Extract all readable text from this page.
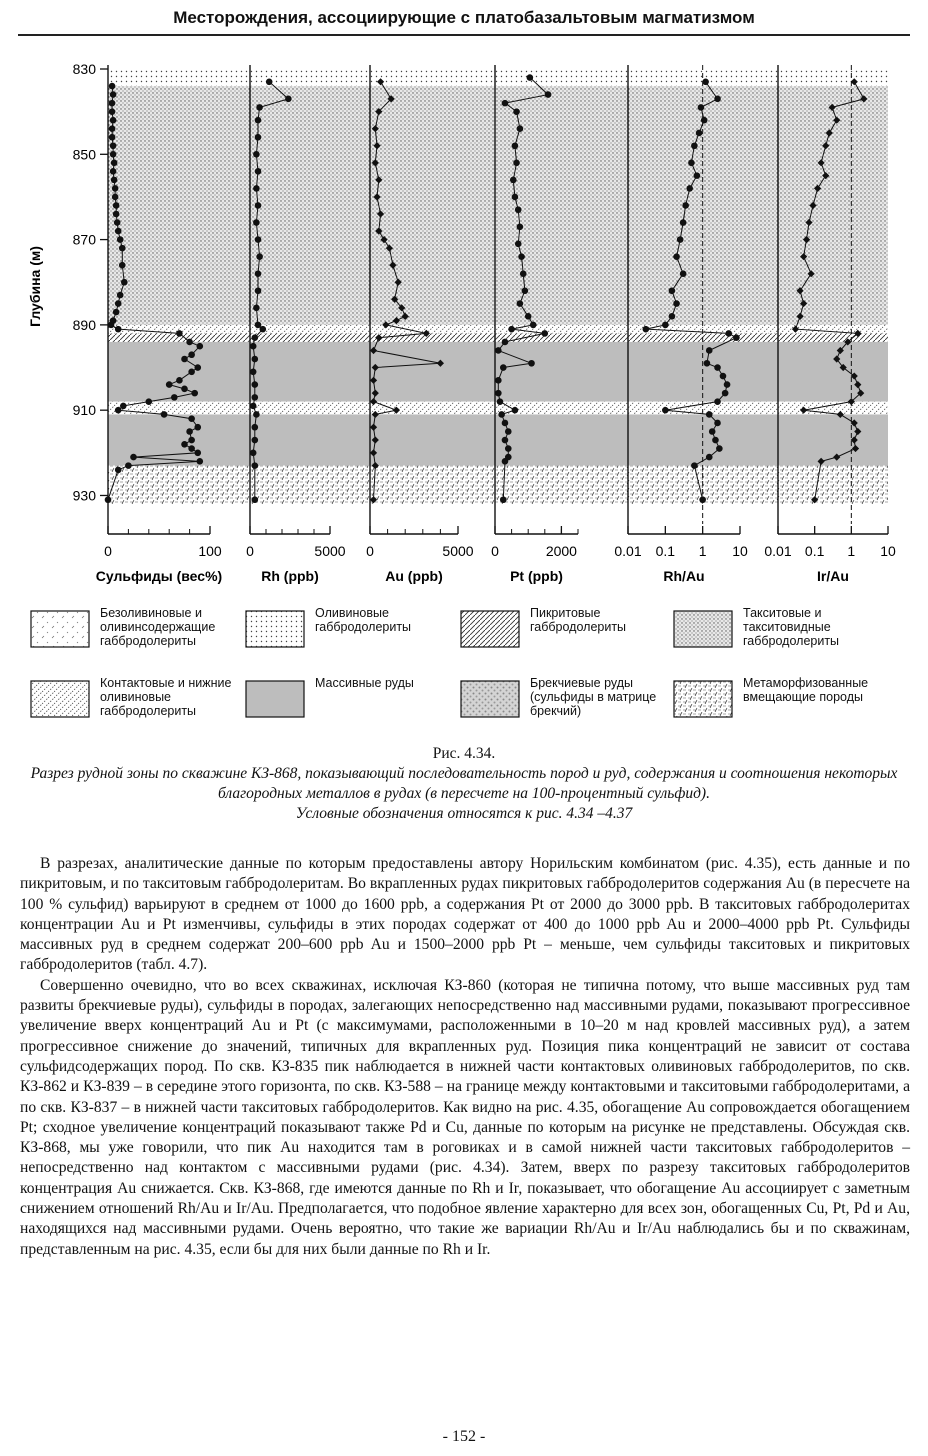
Месторождения, ассоциирующие с платобазальтовым магматизмом
0	100
Сульфиды (вес%)
0	5000
Rh (ppb)
0	5000
Au (ppb)
0	2000
Pt (ppb)
0.01 0.1 1 10
Rh/Au
0.01 0.1 1 10
Ir/Au
830
850
870
890
910
930
Глубина (м)
Безоливиновые и оливинсодержащие габбродолериты
Оливиновые габбродолериты
Пикритовые габбродолериты
Такситовые и такситовидные габбродолериты
Контактовые и нижние оливиновые габбродолериты
Массивные руды	Брекчиевые руды (сульфиды в матрице брекчий)
Метаморфизованные вмещающие породы
Рис. 4.34.
Разрез рудной зоны по скважине КЗ-868, показывающий последовательность пород и руд, содержания и соотношения некоторых благородных металлов в рудах (в пересчете на 100-процентный сульфид).
Условные обозначения относятся к рис. 4.34 –4.37

В разрезах, аналитические данные по которым предоставлены автору Норильским комбинатом (рис. 4.35), есть данные и по пикритовым, и по такситовым габбродолеритам. Во вкрапленных рудах пикритовых габбродолеритов содержания Au (в пересчете на 100 % сульфид) варьируют в среднем от 1000 до 1600 ppb, а содержания Pt от 2000 до 3000 ppb. В такситовых габбродолеритах концентрации Au и Pt изменчивы, сульфиды в этих породах содержат от 400 до 1000 ppb Au и 2000–4000 ppb Pt. Сульфиды массивных руд в среднем содержат 200–600 ppb Au и 1500–2000 ppb Pt – меньше, чем сульфиды такситовых и пикритовых габбродолеритов (табл. 4.7).

Совершенно очевидно, что во всех скважинах, исключая КЗ-860 (которая не типична потому, что выше массивных руд там развиты брекчиевые руды), сульфиды в породах, залегающих непосредственно над массивными рудами, показывают прогрессивное увеличение вверх концентраций Au и Pt (с максимумами, расположенными в 10–20 м над кровлей массивных руд), а затем прогрессивное снижение до значений, типичных для вкрапленных руд. Позиция пика концентраций не зависит от состава сульфидсодержащих пород. По скв. КЗ-835 пик наблюдается в нижней части контактовых оливиновых габбродолеритов, по скв. КЗ-862 и КЗ-839 – в середине этого горизонта, по скв. КЗ-588 – на границе между контактовыми и такситовыми габбродолеритами, а по скв. КЗ-837 – в нижней части такситовых габбродолеритов. Как видно на рис. 4.35, обогащение Au сопровождается обогащением Pt; сходное увеличение концентраций показывают также Pd и Cu, данные по которым на рисунке не представлены. Обсуждая скв. КЗ-868, мы уже говорили, что пик Au находится там в роговиках и в самой нижней части такситовых габбродолеритов – непосредственно над контактом с массивными рудами (рис. 4.34). Затем, вверх по разрезу такситовых габбродолеритов концентрация Au снижается. Скв. КЗ-868, где имеются данные по Rh и Ir, показывает, что обогащение Au ассоциирует с заметным снижением отношений Rh/Au и Ir/Au. Предполагается, что подобное явление характерно для всех зон, обогащенных Cu, Pt, Pd и Au, находящихся над массивными рудами. Очень вероятно, что такие же вариации Rh/Au и Ir/Au наблюдались бы и по скважинам, представленным на рис. 4.35, если бы для них были данные по Rh и Ir.

- 152 -
